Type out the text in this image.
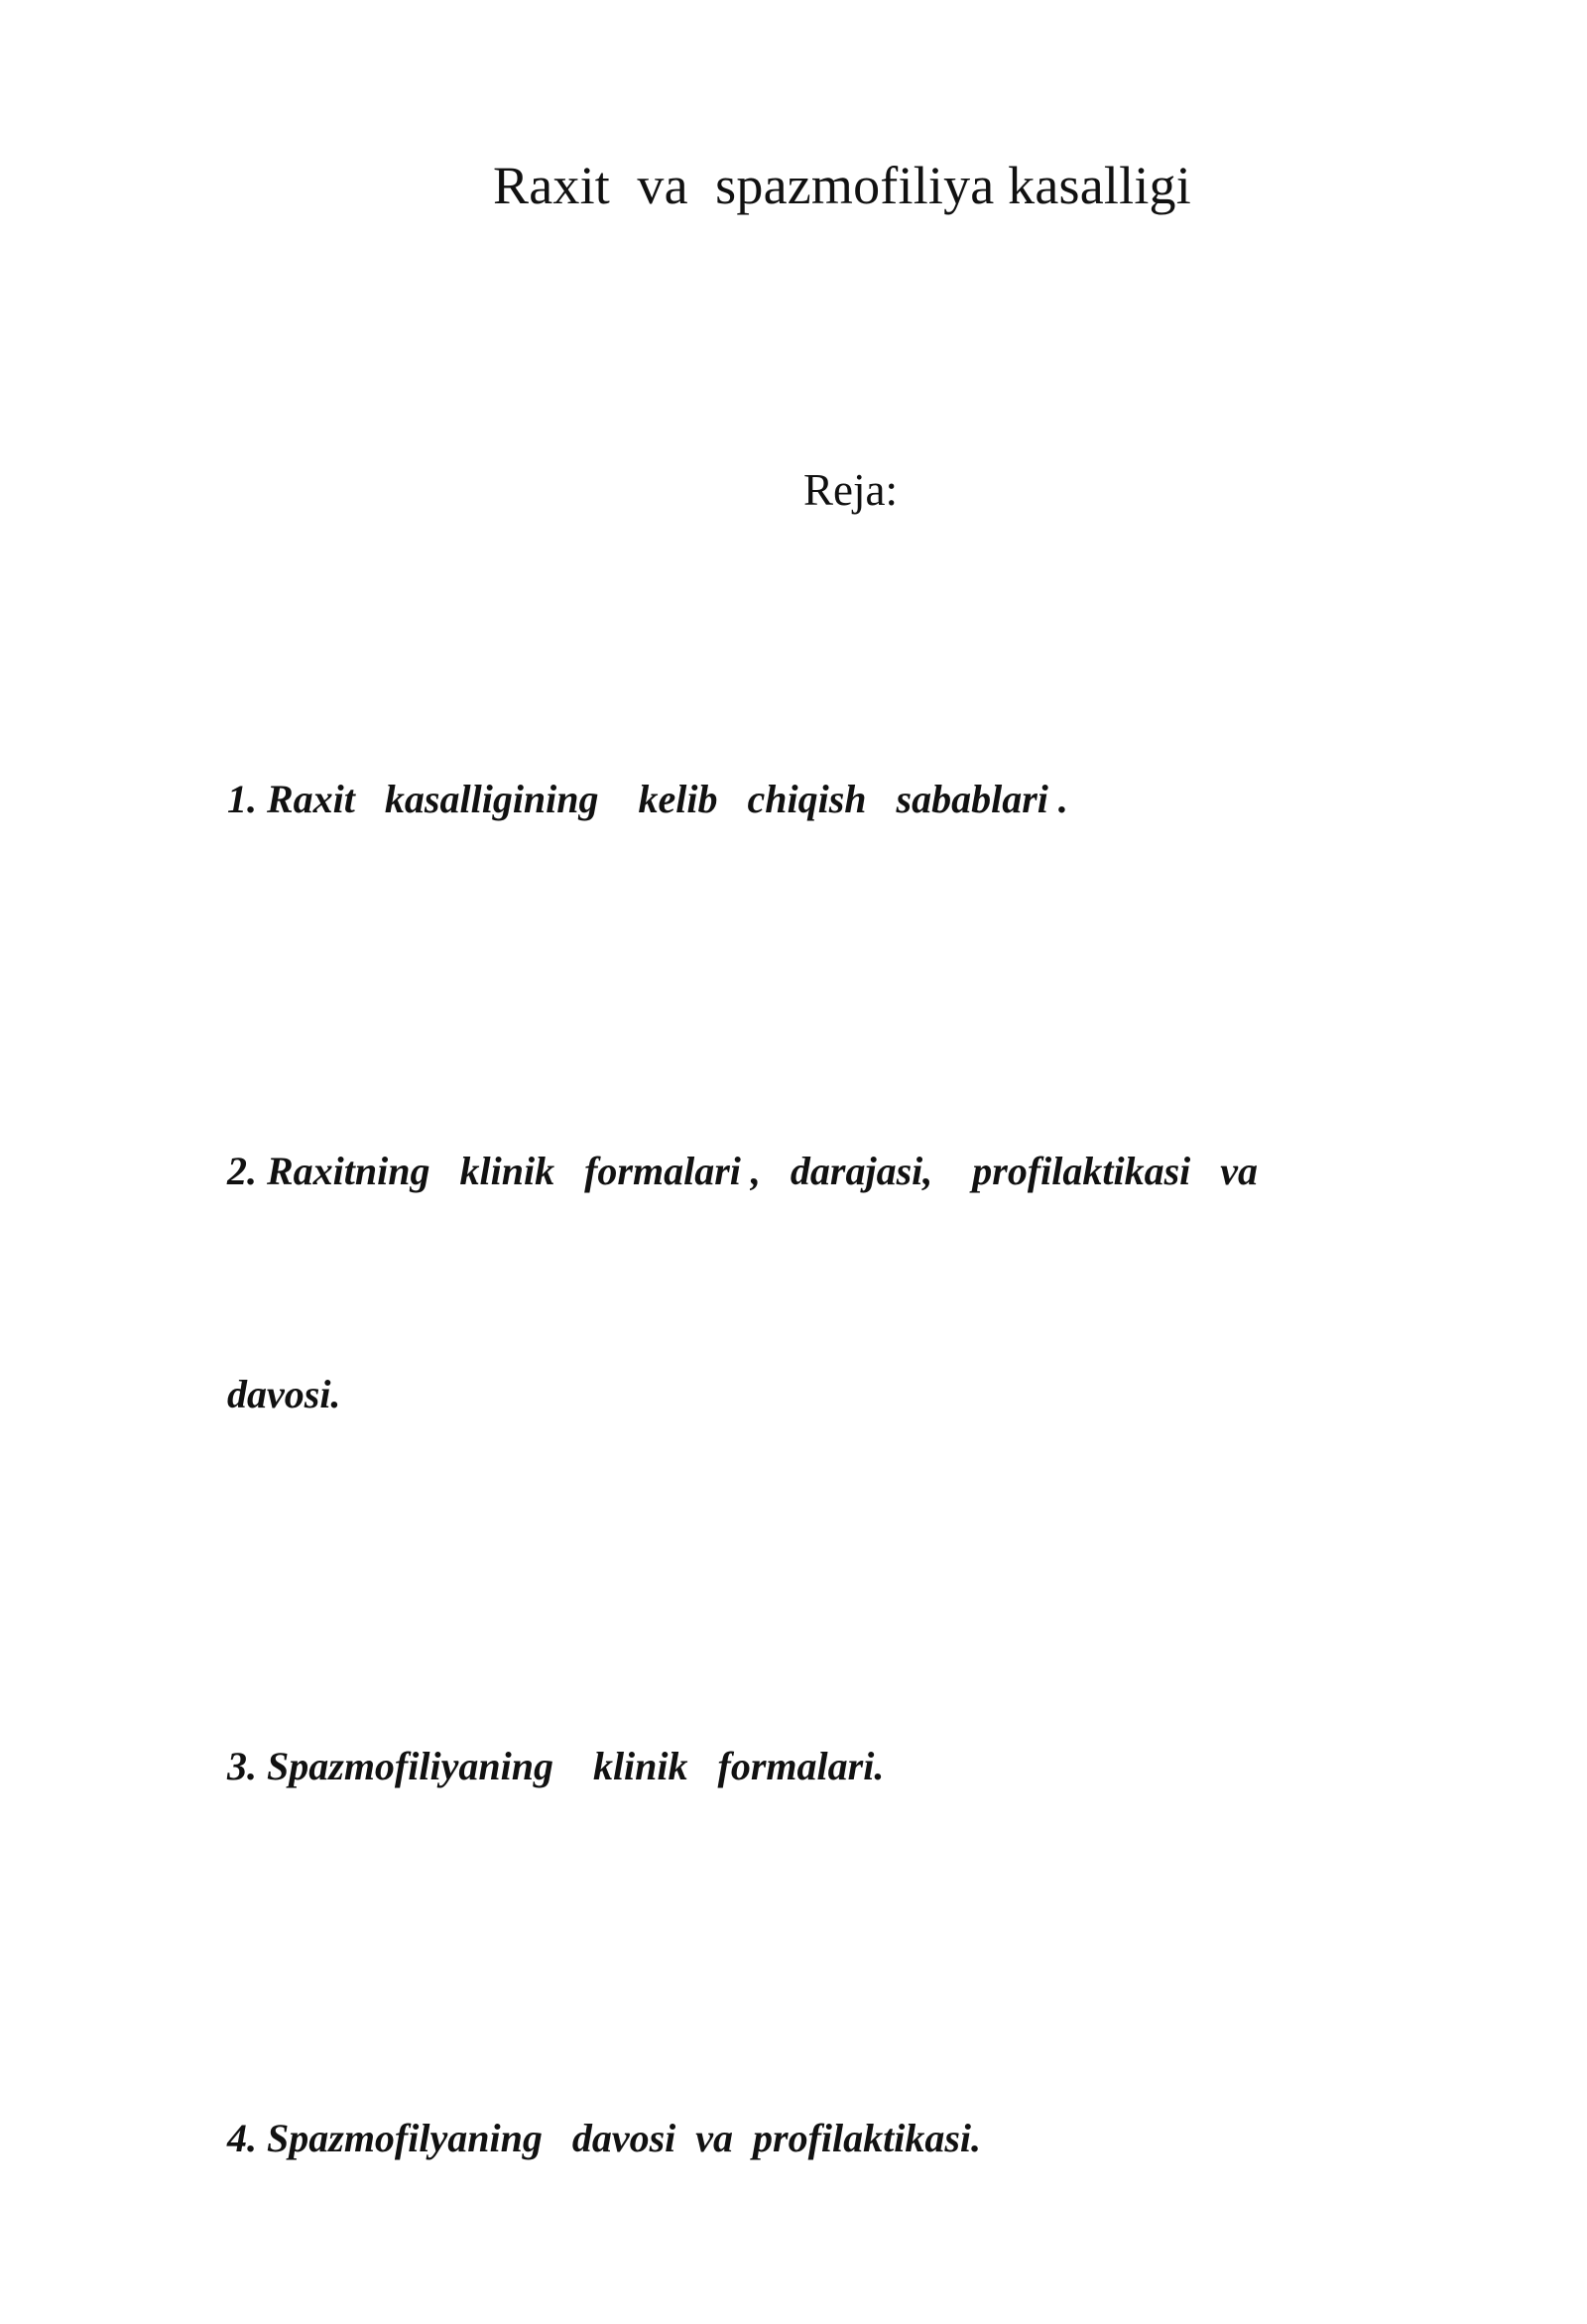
Raxit  va  spazmofiliya kasalligi
Reja:

1. Raxit   kasalligining    kelib   chiqish   sabablari .

2. Raxitning   klinik   formalari ,   darajasi,    profilaktikasi   va

davosi.

3. Spazmofiliyaning    klinik   formalari.

4. Spazmofilyaning   davosi  va  profilaktikasi.
